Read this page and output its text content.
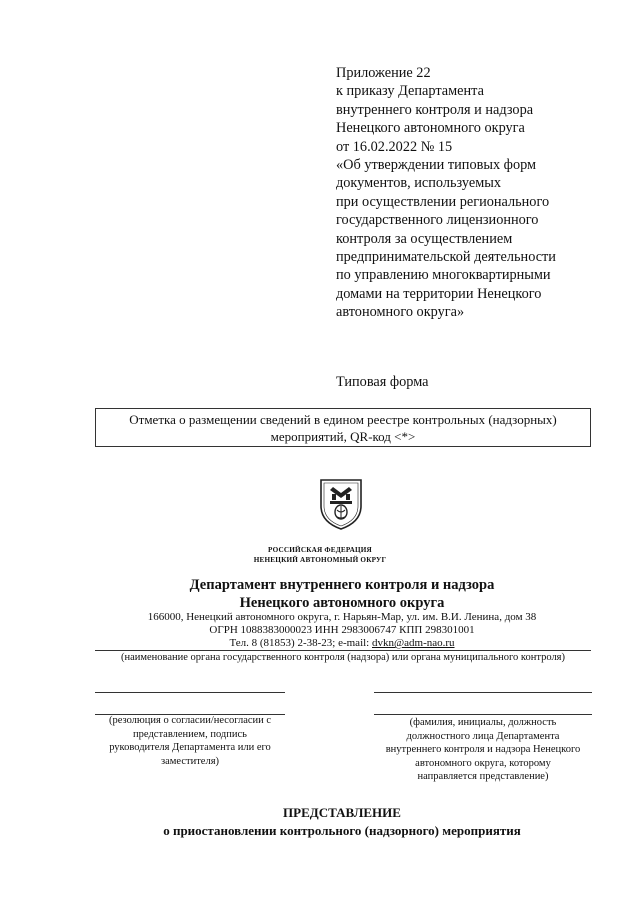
Приложение 22
к приказу Департамента
внутреннего контроля и надзора
Ненецкого автономного округа
от 16.02.2022 № 15
«Об утверждении типовых форм
документов, используемых
при осуществлении регионального
государственного лицензионного
контроля за осуществлением
предпринимательской деятельности
по управлению многоквартирными
домами на территории Ненецкого
автономного округа»
Типовая форма
Отметка о размещении сведений в едином реестре контрольных (надзорных)
мероприятий, QR-код <*>
РОССИЙСКАЯ ФЕДЕРАЦИЯ
НЕНЕЦКИЙ АВТОНОМНЫЙ ОКРУГ
Департамент внутреннего контроля и надзора
Ненецкого автономного округа
166000, Ненецкий автономного округа, г. Нарьян-Мар, ул. им. В.И. Ленина, дом 38
ОГРН 1088383000023 ИНН 2983006747 КПП 298301001
Тел. 8 (81853) 2-38-23; e-mail: dvkn@adm-nao.ru
(наименование органа государственного контроля (надзора) или органа муниципального контроля)
(резолюция о согласии/несогласии с
представлением, подпись
руководителя Департамента или его
заместителя)
(фамилия, инициалы, должность
должностного лица Департамента
внутреннего контроля и надзора Ненецкого
автономного округа, которому
направляется представление)
ПРЕДСТАВЛЕНИЕ
о приостановлении контрольного (надзорного) мероприятия
